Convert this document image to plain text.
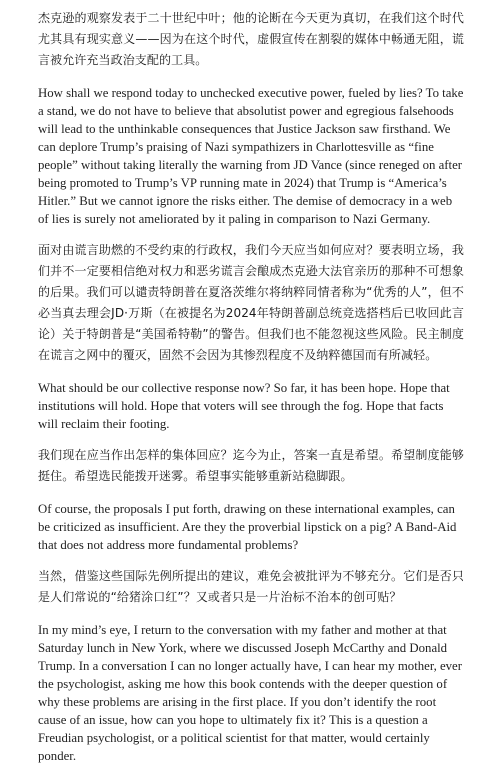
杰克逊的观察发表于二十世纪中叶；他的论断在今天更为真切，在我们这个时代尤其具有现实意义——因为在这个时代，虚假宣传在割裂的媒体中畅通无阻，谎言被允许充当政治支配的工具。

How shall we respond today to unchecked executive power, fueled by lies? To take a stand, we do not have to believe that absolutist power and egregious falsehoods will lead to the unthinkable consequences that Justice Jackson saw firsthand. We can deplore Trump’s praising of Nazi sympathizers in Charlottesville as “fine people” without taking literally the warning from JD Vance (since reneged on after being promoted to Trump’s VP running mate in 2024) that Trump is “America’s Hitler.” But we cannot ignore the risks either. The demise of democracy in a web of lies is surely not ameliorated by it paling in comparison to Nazi Germany.

面对由谎言助燃的不受约束的行政权，我们今天应当如何应对？要表明立场，我们并不一定要相信绝对权力和恶劣谎言会酿成杰克逊大法官亲历的那种不可想象的后果。我们可以谴责特朗普在夏洛茨维尔将纳粹同情者称为“优秀的人”，但不必当真去理会JD·万斯（在被提名为2024年特朗普副总统竞选搭档后已收回此言论）关于特朗普是“美国希特勒”的警告。但我们也不能忽视这些风险。民主制度在谎言之网中的覆灭，固然不会因为其惨烈程度不及纳粹德国而有所减轻。

What should be our collective response now? So far, it has been hope. Hope that institutions will hold. Hope that voters will see through the fog. Hope that facts will reclaim their footing.

我们现在应当作出怎样的集体回应？迄今为止，答案一直是希望。希望制度能够挺住。希望选民能拨开迷雾。希望事实能够重新站稳脚跟。

Of course, the proposals I put forth, drawing on these international examples, can be criticized as insufficient. Are they the proverbial lipstick on a pig? A Band-Aid that does not address more fundamental problems?

当然，借鉴这些国际先例所提出的建议，难免会被批评为不够充分。它们是否只是人们常说的“给猪涂口红”？又或者只是一片治标不治本的创可贴？

In my mind’s eye, I return to the conversation with my father and mother at that Saturday lunch in New York, where we discussed Joseph McCarthy and Donald Trump. In a conversation I can no longer actually have, I can hear my mother, ever the psychologist, asking me how this book contends with the deeper question of why these problems are arising in the first place. If you don’t identify the root cause of an issue, how can you hope to ultimately fix it? This is a question a Freudian psychologist, or a political scientist for that matter, would certainly ponder.
